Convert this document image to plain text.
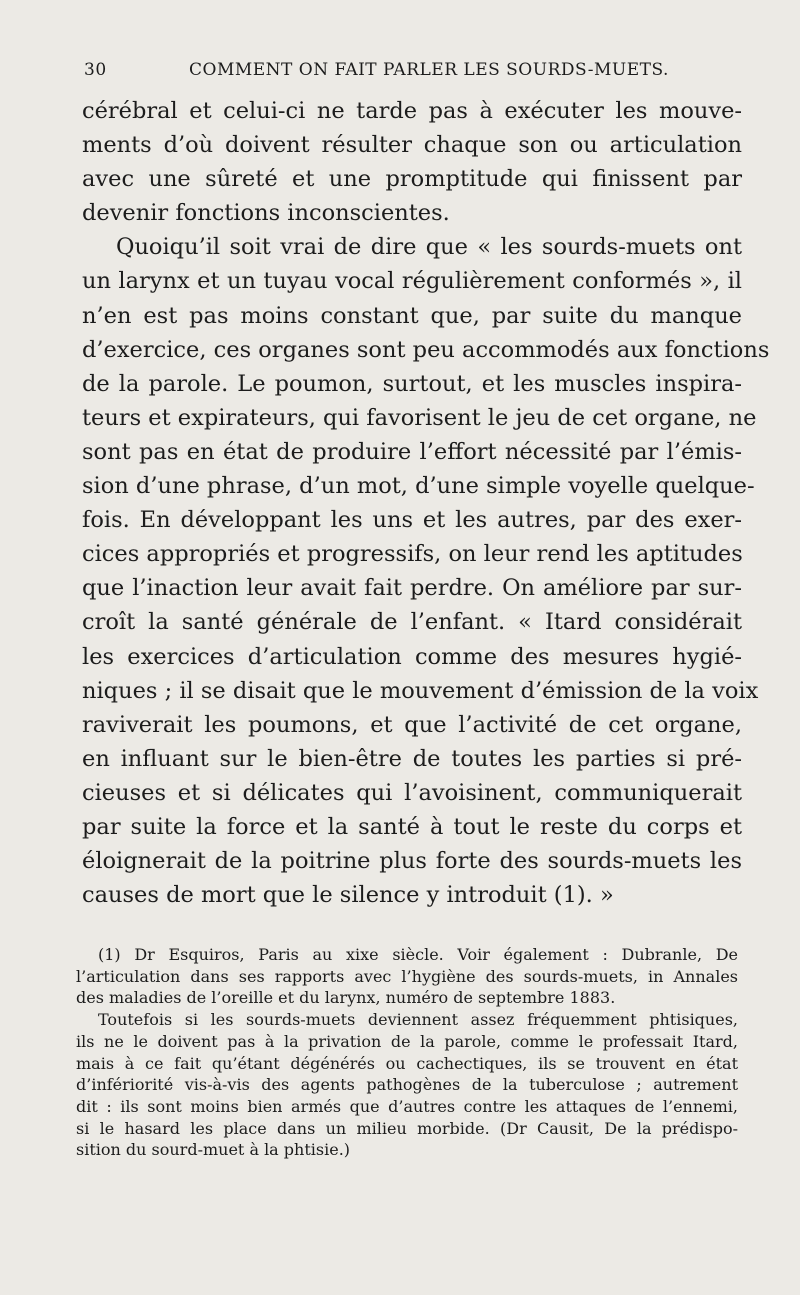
30	COMMENT ON FAIT PARLER LES SOURDS-MUETS.
cérébral et celui-ci ne tarde pas à exécuter les mouve-
ments d’où doivent résulter chaque son ou articulation
avec une sûreté et une promptitude qui finissent par
devenir fonctions inconscientes.
Quoiqu’il soit vrai de dire que « les sourds-muets ont
un larynx et un tuyau vocal régulièrement conformés », il
n’en est pas moins constant que, par suite du manque
d’exercice, ces organes sont peu accommodés aux fonctions
de la parole. Le poumon, surtout, et les muscles inspira-
teurs et expirateurs, qui favorisent le jeu de cet organe, ne
sont pas en état de produire l’effort nécessité par l’émis-
sion d’une phrase, d’un mot, d’une simple voyelle quelque-
fois. En développant les uns et les autres, par des exer-
cices appropriés et progressifs, on leur rend les aptitudes
que l’inaction leur avait fait perdre. On améliore par sur-
croît la santé générale de l’enfant. « Itard considérait
les exercices d’articulation comme des mesures hygié-
niques ; il se disait que le mouvement d’émission de la voix
raviverait les poumons, et que l’activité de cet organe,
en influant sur le bien-être de toutes les parties si pré-
cieuses et si délicates qui l’avoisinent, communiquerait
par suite la force et la santé à tout le reste du corps et
éloignerait de la poitrine plus forte des sourds-muets les
causes de mort que le silence y introduit (1). »
(1) Dr Esquiros, Paris au xixe siècle. Voir également : Dubranle, De
l’articulation dans ses rapports avec l’hygiène des sourds-muets, in Annales
des maladies de l’oreille et du larynx, numéro de septembre 1883.
Toutefois si les sourds-muets deviennent assez fréquemment phtisiques,
ils ne le doivent pas à la privation de la parole, comme le professait Itard,
mais à ce fait qu’étant dégénérés ou cachectiques, ils se trouvent en état
d’infériorité vis-à-vis des agents pathogènes de la tuberculose ; autrement
dit : ils sont moins bien armés que d’autres contre les attaques de l’ennemi,
si le hasard les place dans un milieu morbide. (Dr Causit, De la prédispo-
sition du sourd-muet à la phtisie.)
